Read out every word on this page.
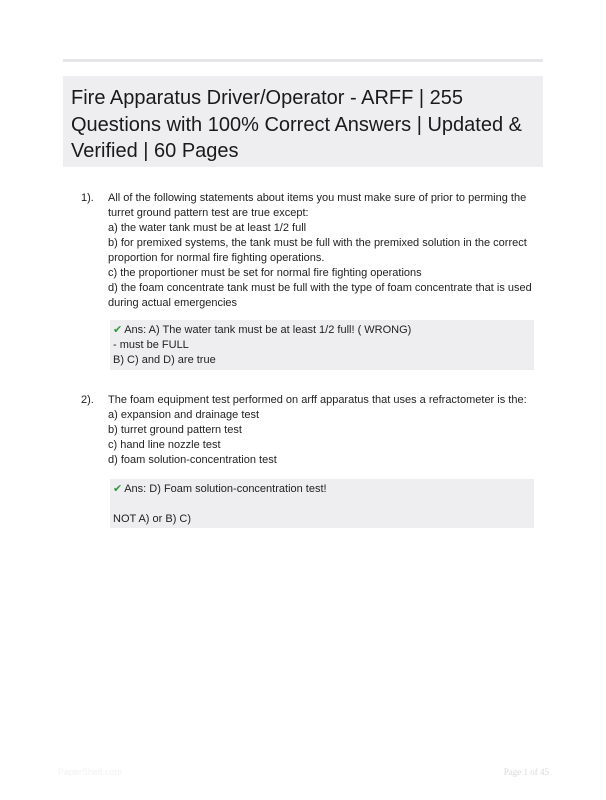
Fire Apparatus Driver/Operator - ARFF | 255 Questions with 100% Correct Answers | Updated & Verified | 60 Pages
1). All of the following statements about items you must make sure of prior to perming the turret ground pattern test are true except:

a) the water tank must be at least 1/2 full

b) for premixed systems, the tank must be full with the premixed solution in the correct proportion for normal fire fighting operations.

c) the proportioner must be set for normal fire fighting operations

d) the foam concentrate tank must be full with the type of foam concentrate that is used during actual emergencies

✔ Ans: A) The water tank must be at least 1/2 full! ( WRONG)

- must be FULL

B) C) and D) are true

2). The foam equipment test performed on arff apparatus that uses a refractometer is the:

a) expansion and drainage test

b) turret ground pattern test

c) hand line nozzle test

d) foam solution-concentration test

✔ Ans: D) Foam solution-concentration test!

NOT A) or B) C)

PaperShelf.com	Page 1 of 45
